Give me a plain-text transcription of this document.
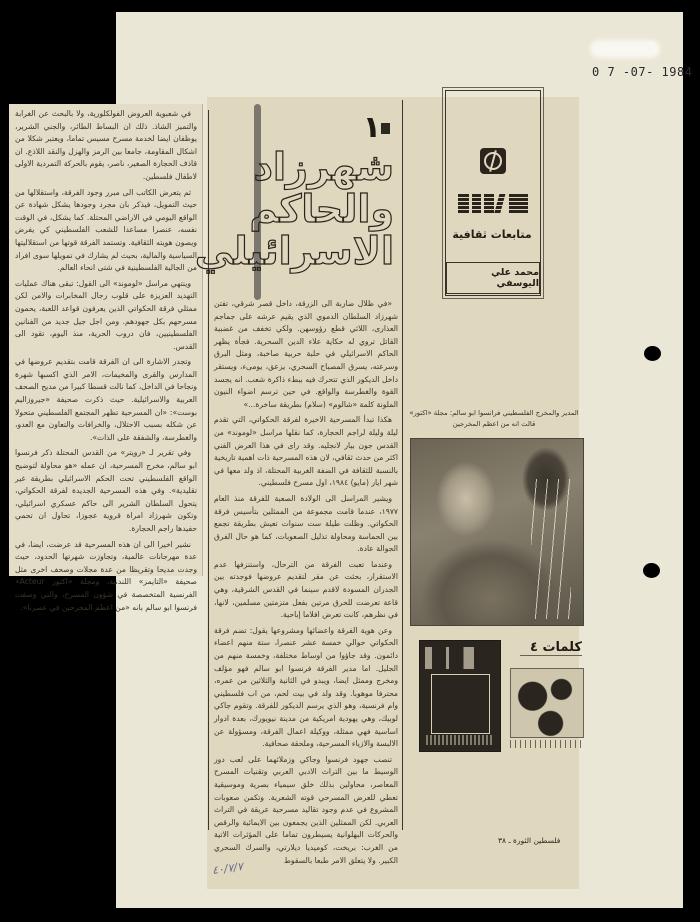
0 7 -07- 1984

في شعبوية العروض الفولكلورية، ولا بالبحث عن الغرابة والتميز الشاذ. ذلك ان البساط الطائر، والجني الشرير، يوظفان ايضا لخدمة مسرح مسيس تماما، ويعتبر شكلا من اشكال المقاومة، جامعا بين الرمز والهزل والنقد اللاذع. ان قاذف الحجارة الصغير، ناصر، يقوم بالحركة التمردية الاولى لاطفال فلسطين.

ثم يتعرض الكاتب الى مبرر وجود الفرقة، واستقلالها من حيث التمويل، فيذكر بان مجرد وجودها يشكل شهادة عن الواقع اليومي في الاراضي المحتلة. كما يشكل، في الوقت نفسه، عنصرا مساعدا للشعب الفلسطيني كي يفرض ويصون هويته الثقافية. وتستمد الفرقة قوتها من استقلاليتها السياسية والمالية، بحيث لم يشارك في تمويلها سوى افراد من الجالية الفلسطينية في شتى انحاء العالم.

وينتهي مراسل «لوموند» الى القول: تبقى هناك عمليات التهديد العزيزة على قلوب رجال المخابرات والامن لكن ممثلي فرقة الحكواتي الذين يعرفون قواعد اللعبة، يحمون مسرحهم بكل جهودهم. ومن اجل جيل جديد من الفنانين الفلسطينيين، فان دروب الحرية، منذ اليوم، تقود الى القدس.

وتجدر الاشارة الى ان الفرقة قامت بتقديم عروضها في المدارس والقرى والمخيمات، الامر الذي اكسبها شهرة ونجاحا في الداخل، كما نالت قسطا كبيرا من مديح الصحف العربية والاسرائيلية. حيث ذكرت صحيفة «جيروزاليم بوست»: «ان المسرحية تظهر المجتمع الفلسطيني متحولا عن شكله بسبب الاحتلال، والخرافات والتعاون مع العدو، والغطرسة، والشفقة على الذات».

وفي تقرير لـ «رويتر» من القدس المحتلة ذكر فرنسوا ابو سالم، مخرج المسرحية، ان عمله «هو محاولة لتوضيح الواقع الفلسطيني تحت الحكم الاسرائيلي بطريقة غير تقليدية». وفي هذه المسرحية الجديدة لفرقة الحكواتي، يتحول السلطان الشرير الى حاكم عسكري اسرائيلي، وتكون شهرزاد امراة قروية عجوزا، تحاول ان تحمي حفيدها راجم الحجارة.

نشير اخيرا الى ان هذه المسرحية قد عرضت، ايضا، في عدة مهرجانات عالمية، وتجاوزت شهرتها الحدود، حيث وجدت مديحا وتقريظا من عدة مجلات وصحف اخرى مثل صحيفة «التايمز» اللندنية، ومجلة «اكتور Acteur» الفرنسية المتخصصة في شؤون المسرح، والتي وصفت فرنسوا ابو سالم بانه «من اعظم المخرجين في عصرنا».

١
شهرزاد
والحاكم
الاسرائيلي	متابعات ثقافية
محمد علي اليوسفي

«في ظلال ضاربة الى الزرقة، داخل قصر شرقي، تفتن شهرزاد السلطان الدموي الذي يقيم عرشه على جماجم العذارى، اللائي قطع رؤوسهن. ولكي تخفف من غضبية القاتل تروي له حكاية علاء الدين السحرية. فجأة يظهر الحاكم الاسرائيلي في حلبة حربية صاخبة، ومثل البرق وسرعته، يسرق المصباح السحري، يزعق، يومىء، ويستقر داخل الديكور الذي تتحرك فيه ببطء ذاكرة شعب. انه يجسد القوة والغطرسة والواقع. في حين ترسم اضواء النيون الملونة كلمة «شالوم» (سلام) بطريقة ساخرة...»

هكذا تبدأ المسرحية الاخيرة لفرقة الحكواتي، التي تقدم ليلة وليلة لراجم الحجارة، كما نقلها مراسل «لوموند» من القدس جون بيار لانجليه. وقد راى في هذا العرض الفني اكثر من حدث ثقافي، لان هذه المسرحية ذات اهمية تاريخية بالنسبة للثقافة في الضفة الغربية المحتلة، اذ ولد معها في شهر ايار (مايو) ١٩٨٤، اول مسرح فلسطيني.

ويشير المراسل الى الولادة الصعبة للفرقة منذ العام ١٩٧٧، عندما قامت مجموعة من الممثلين بتأسيس فرقة الحكواتي. وظلت طيلة ست سنوات تعيش بطريقة تجمع بين الحماسة ومحاولة تذليل الصعوبات، كما هو حال الفرق الجوالة عادة.

وعندما تعبت الفرقة من الترحال، واستنزفها عدم الاستقرار، بحثت عن مقر لتقديم عروضها فوجدته بين الجدران المسودة لاقدم سينما في القدس الشرقية، وهي قاعة تعرضت للحرق مرتين بفعل متزمتين مسلمين، لانها، في نظرهم، كانت تعرض افلاما إباحية.

وعن هوية الفرقة واعضائها ومشروعها يقول: تضم فرقة الحكواتي حوالي خمسة عشر عنصرا، ستة منهم اعضاء دائمون. وقد جاؤوا من اوساط مختلفة، وخمسة منهم من الجليل. اما مدير الفرقة فرنسوا ابو سالم فهو مؤلف ومخرج وممثل ايضا، ويبدو في الثانية والثلاثين من عمره، محترفا موهوبا. وقد ولد في بيت لحم، من اب فلسطيني وام فرنسية، وهو الذي يرسم الديكور للفرقة. وتقوم جاكي لوبيك، وهي يهودية امريكية من مدينة نيويورك، بعدة ادوار اساسية فهي ممثلة، ووكيلة اعمال الفرقة، ومسؤولة عن الالبسة والازياء المسرحية، وملحقة صحافية.

تنصب جهود فرنسوا وجاكي وزملائهما على لعب دور الوسيط ما بين التراث الادبي العربي وتقنيات المسرح المعاصر، محاولين بذلك خلق سيمياء بصرية وموسيقية تعطي للعرض المسرحي قوته الشعرية. وتكمن صعوبات المشروع في عدم وجود تقاليد مسرحية عريقة في التراث العربي. لكن الممثلين الذين يجمعون بين الايمائية والرقص والحركات البهلوانية يسيطرون تماما على المؤثرات الاتية من الغرب: بريخت، كوميديا ديلارتي، والسرك السحري الكبير. ولا يتعلق الامر طبعا بالسقوط

المدير والمخرج الفلسطيني فرانسوا ابو سالم: مجلة «اكتور» قالت انه من اعظم المخرجين
كلمات ٤
فلسطين الثورة ـ ٣٨
٤٠/٧/٧
